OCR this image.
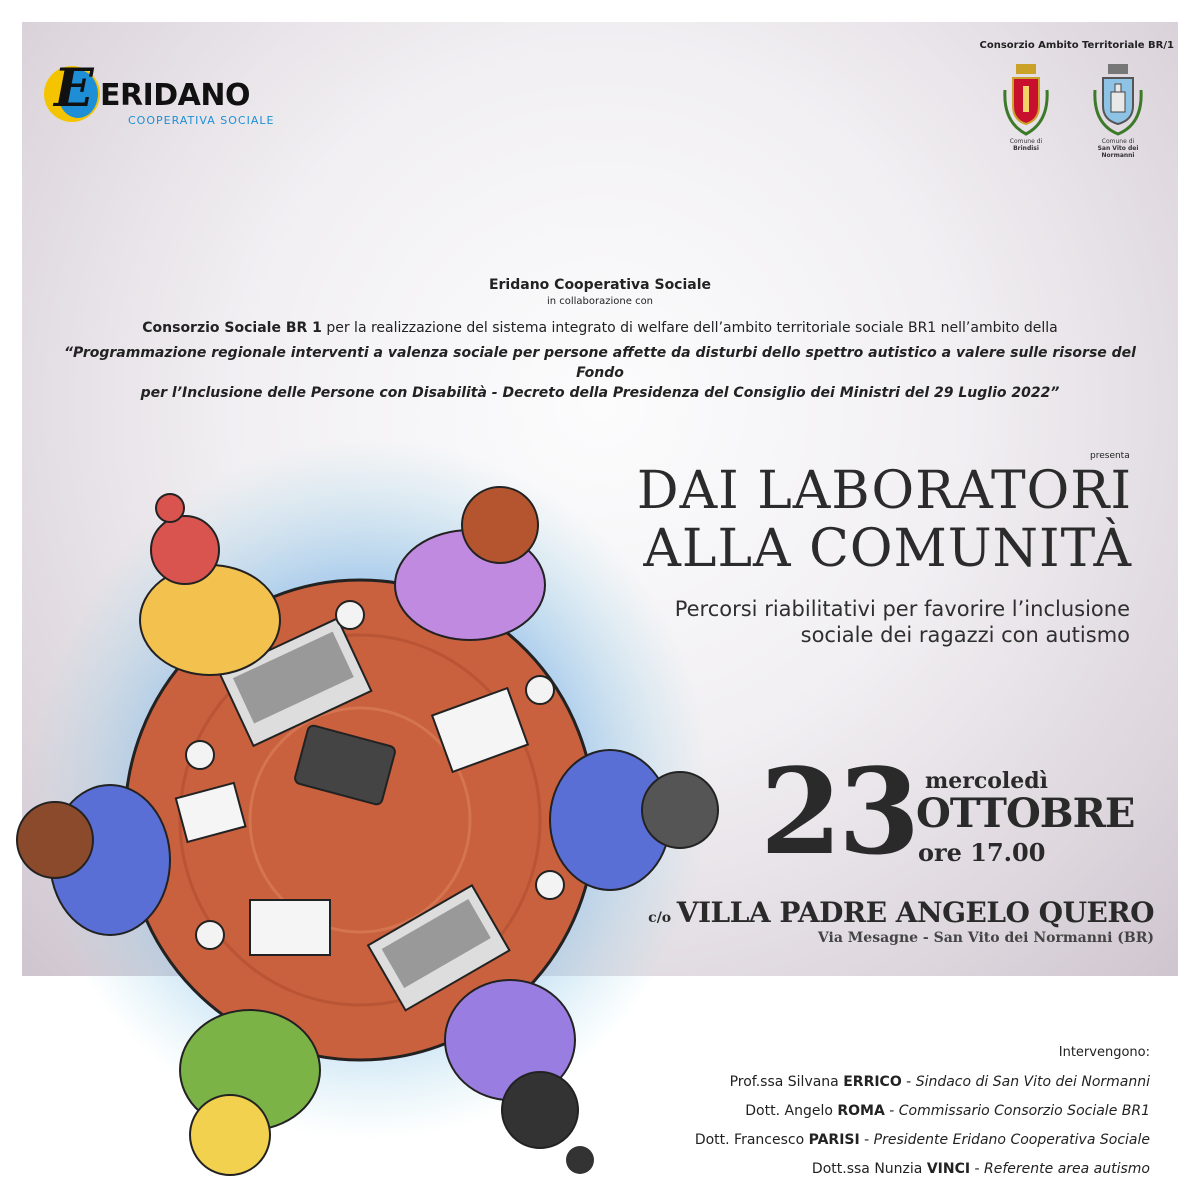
E ERIDANO
COOPERATIVA SOCIALE
Consorzio Ambito Territoriale BR/1
Comune di Brindisi
Comune di
San Vito dei Normanni
Eridano Cooperativa Sociale
in collaborazione con
Consorzio Sociale BR 1 per la realizzazione del sistema integrato di welfare dell’ambito territoriale sociale BR1 nell’ambito della
“Programmazione regionale interventi a valenza sociale per persone affette da disturbi dello spettro autistico a valere sulle risorse del Fondo
per l’Inclusione delle Persone con Disabilità - Decreto della Presidenza del Consiglio dei Ministri del 29 Luglio 2022”
presenta
DAI LABORATORI
ALLA COMUNITÀ
Percorsi riabilitativi per favorire l’inclusione
sociale dei ragazzi con autismo
23 mercoledì
OTTOBRE
ore 17.00
c/o VILLA PADRE ANGELO QUERO
Via Mesagne - San Vito dei Normanni (BR)
Intervengono:
Prof.ssa Silvana ERRICO - Sindaco di San Vito dei Normanni
Dott. Angelo ROMA - Commissario Consorzio Sociale BR1
Dott. Francesco PARISI - Presidente Eridano Cooperativa Sociale
Dott.ssa Nunzia VINCI - Referente area autismo
